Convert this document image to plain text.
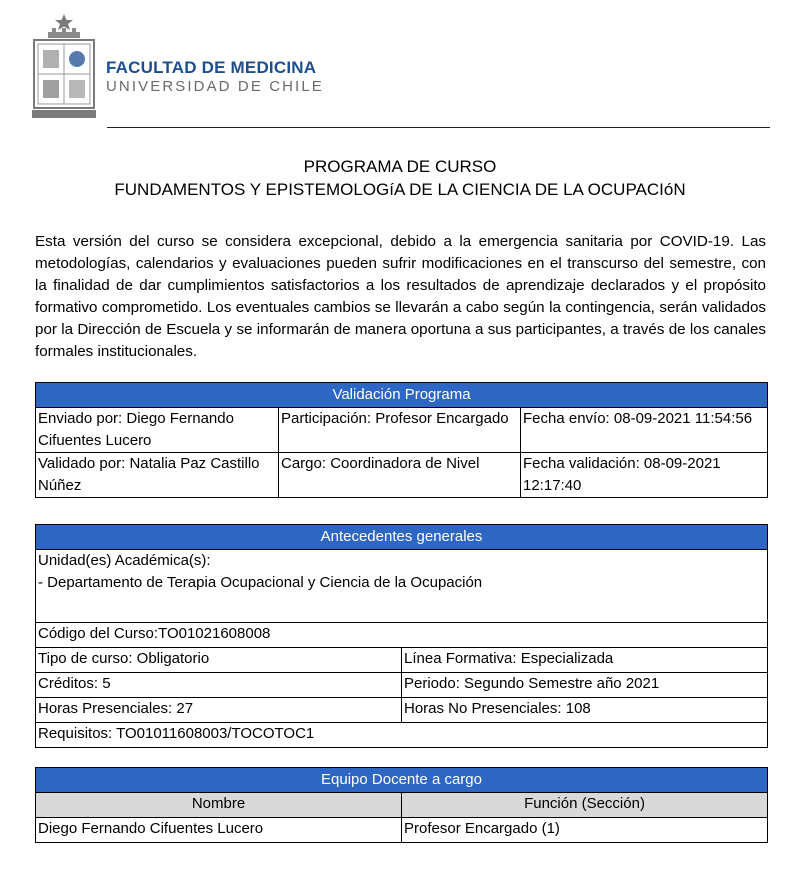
FACULTAD DE MEDICINA
UNIVERSIDAD DE CHILE
PROGRAMA DE CURSO
FUNDAMENTOS Y EPISTEMOLOGíA DE LA CIENCIA DE LA OCUPACIóN

Esta versión del curso se considera excepcional, debido a la emergencia sanitaria por COVID-19. Las metodologías, calendarios y evaluaciones pueden sufrir modificaciones en el transcurso del semestre, con la finalidad de dar cumplimientos satisfactorios a los resultados de aprendizaje declarados y el propósito formativo comprometido. Los eventuales cambios se llevarán a cabo según la contingencia, serán validados por la Dirección de Escuela y se informarán de manera oportuna a sus participantes, a través de los canales formales institucionales.

Validación Programa		
Enviado por: Diego Fernando Cifuentes Lucero	Participación: Profesor Encargado	Fecha envío: 08-09-2021 11:54:56
Validado por: Natalia Paz Castillo Núñez	Cargo: Coordinadora de Nivel	Fecha validación: 08-09-2021 12:17:40
Antecedentes generales	

Unidad(es) Académica(s):
- Departamento de Terapia Ocupacional y Ciencia de la Ocupación	

Código del Curso:TO01021608008	
Tipo de curso: Obligatorio	Línea Formativa: Especializada
Créditos: 5	Periodo: Segundo Semestre año 2021
Horas Presenciales: 27	Horas No Presenciales: 108
Requisitos: TO01011608003/TOCOTOC1	
Equipo Docente a cargo	
Nombre	Función (Sección)
Diego Fernando Cifuentes Lucero	Profesor Encargado (1)
